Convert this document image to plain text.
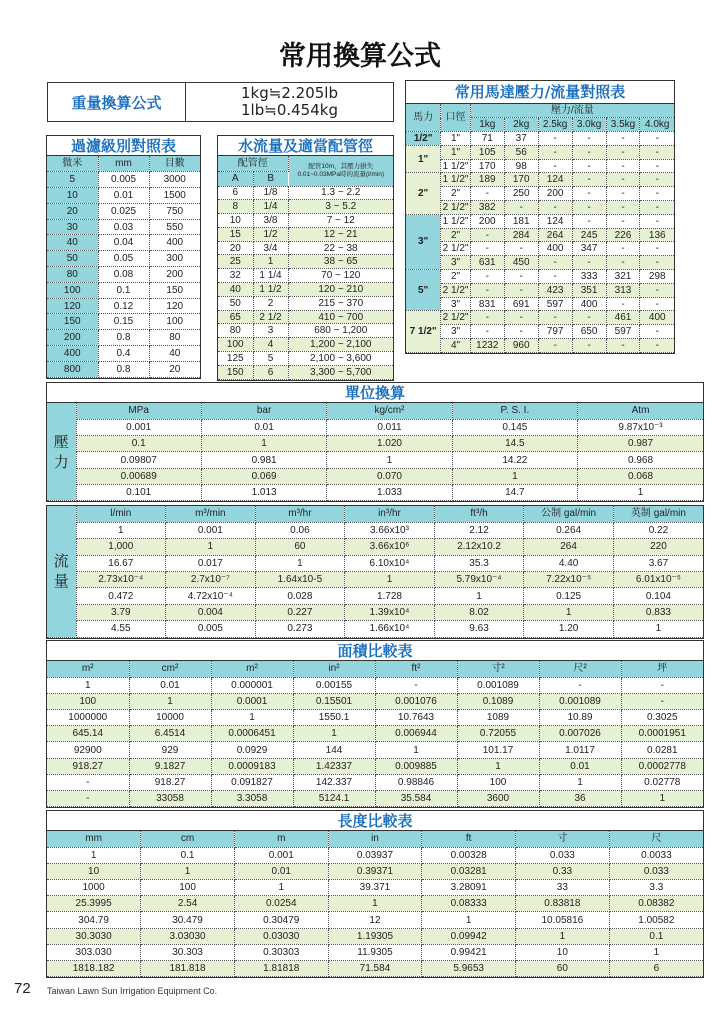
常用換算公式
重量換算公式
1kg≒2.205lb
1lb≒0.454kg
過濾級別對照表
微米	mm	目數
5	0.005	3000
10	0.01	1500
20	0.025	750
30	0.03	550
40	0.04	400
50	0.05	300
80	0.08	200
100	0.1	150
120	0.12	120
150	0.15	100
200	0.8	80
400	0.4	40
800	0.8	20
水流量及適當配管徑
配管徑		配管10m，其壓力損失0.01~0.03MPa時的流量(l/min)
A	B	
6	1/8	1.3 ~ 2.2
8	1/4	3 ~ 5.2
10	3/8	7 ~ 12
15	1/2	12 ~ 21
20	3/4	22 ~ 38
25	1	38 ~ 65
32	1 1/4	70 ~ 120
40	1 1/2	120 ~ 210
50	2	215 ~ 370
65	2 1/2	410 ~ 700
80	3	680 ~ 1,200
100	4	1,200 ~ 2,100
125	5	2,100 ~ 3,600
150	6	3,300 ~ 5,700
常用馬達壓力/流量對照表
馬力	口徑	壓力/流量					
		1kg	2kg	2.5kg	3.0kg	3.5kg	4.0kg
1/2"	1"	71	37	-	-	-	-
1"	1"	105	56	-	-	-	-
	1 1/2"	170	98	-	-	-	-
2"	1 1/2"	189	170	124	-	-	-
	2"	-	250	200	-	-	-
	2 1/2"	382	-	-	-	-	-
3"	1 1/2"	200	181	124	-	-	-
	2"	-	284	264	245	226	136
	2 1/2"	-	-	400	347	-	-
	3"	631	450	-	-	-	-
5"	2"	-	-	-	333	321	298
	2 1/2"	-	-	423	351	313	-
	3"	831	691	597	400	-	-
7 1/2"	2 1/2"	-	-	-	-	461	400
	3"	-	-	797	650	597	-
	4"	1232	960	-	-	-	-
單位換算
壓力	MPa	bar	kg/cm²	P. S. I.	Atm
	0.001	0.01	0.011	0.145	9.87x10⁻³
	0.1	1	1.020	14.5	0.987
	0.09807	0.981	1	14.22	0.968
	0.00689	0.069	0.070	1	0.068
	0.101	1.013	1.033	14.7	1
流量	l/min	m³/min	m³/hr	in³/hr	ft³/h	公制 gal/min	英制 gal/min
	1	0.001	0.06	3.66x10³	2.12	0.264	0.22
	1,000	1	60	3.66x10⁶	2.12x10.2	264	220
	16.67	0.017	1	6.10x10⁴	35.3	4.40	3.67
	2.73x10⁻⁴	2.7x10⁻⁷	1.64x10-5	1	5.79x10⁻⁴	7.22x10⁻⁵	6.01x10⁻⁵
	0.472	4.72x10⁻⁴	0.028	1.728	1	0.125	0.104
	3.79	0.004	0.227	1.39x10⁴	8.02	1	0.833
	4.55	0.005	0.273	1.66x10⁴	9.63	1.20	1
面積比較表
m²	cm²	m²	in²	ft²	寸²	尺²	坪
1	0.01	0.000001	0.00155	-	0.001089	-	-
100	1	0.0001	0.15501	0.001076	0.1089	0.001089	-
1000000	10000	1	1550.1	10.7643	1089	10.89	0.3025
645.14	6.4514	0.0006451	1	0.006944	0.72055	0.007026	0.0001951
92900	929	0.0929	144	1	101.17	1.0117	0.0281
918.27	9.1827	0.0009183	1.42337	0.009885	1	0.01	0.0002778
-	918.27	0.091827	142.337	0.98846	100	1	0.02778
-	33058	3.3058	5124.1	35.584	3600	36	1
長度比較表
mm	cm	m	in	ft	寸	尺
1	0.1	0.001	0.03937	0.00328	0.033	0.0033
10	1	0.01	0.39371	0.03281	0.33	0.033
1000	100	1	39.371	3.28091	33	3.3
25.3995	2.54	0.0254	1	0.08333	0.83818	0.08382
304.79	30.479	0.30479	12	1	10.05816	1.00582
30.3030	3.03030	0.03030	1.19305	0.09942	1	0.1
303.030	30.303	0.30303	11.9305	0.99421	10	1
1818.182	181.818	1.81818	71.584	5.9653	60	6
72 Taiwan Lawn Sun Irrigation Equipment Co.
